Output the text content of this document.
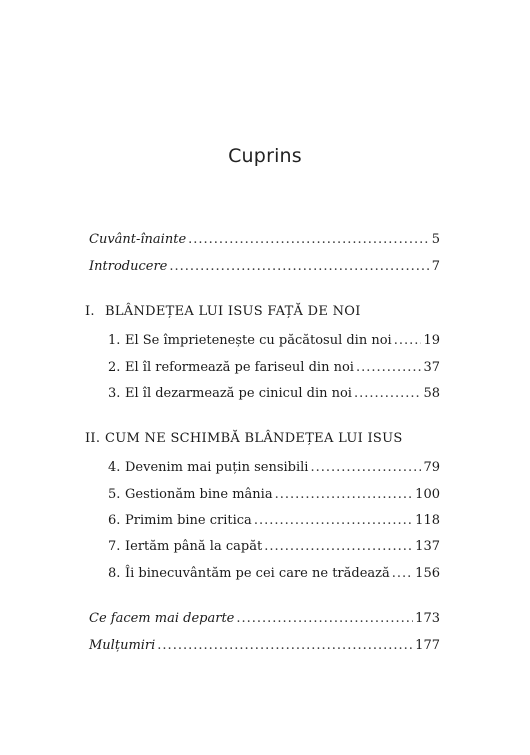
Cuprins
Cuvânt-înainte .....	5
Introducere .....	7
I. BLÂNDEȚEA LUI ISUS FAȚĂ DE NOI
1. El Se împrietenește cu păcătosul din noi ..... 19
2. El îl reformează pe fariseul din noi .....	37
3. El îl dezarmează pe cinicul din noi .....	58
II. CUM NE SCHIMBĂ BLÂNDEȚEA LUI ISUS
4. Devenim mai puțin sensibili .....	79
5. Gestionăm bine mânia .....	100
6. Primim bine critica .....	118
7. Iertăm până la capăt .....	137
8. Îi binecuvântăm pe cei care ne trădează ..... 156
Ce facem mai departe .....	173
Mulțumiri .....	177
